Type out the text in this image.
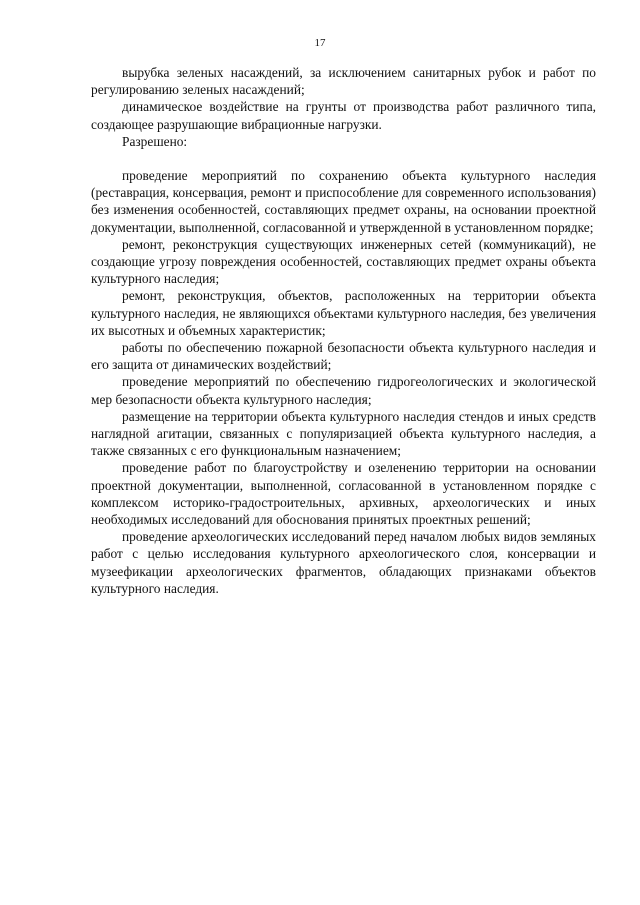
17

вырубка зеленых насаждений, за исключением санитарных рубок и работ по регулированию зеленых насаждений;

динамическое воздействие на грунты от производства работ различного типа, создающее разрушающие вибрационные нагрузки.

Разрешено:

проведение мероприятий по сохранению объекта культурного наследия (реставрация, консервация, ремонт и приспособление для современного использования) без изменения особенностей, составляющих предмет охраны, на основании проектной документации, выполненной, согласованной и утвержденной в установленном порядке;

ремонт, реконструкция существующих инженерных сетей (коммуникаций), не создающие угрозу повреждения особенностей, составляющих предмет охраны объекта культурного наследия;

ремонт, реконструкция, объектов, расположенных на территории объекта культурного наследия, не являющихся объектами культурного наследия, без увеличения их высотных и объемных характеристик;

работы по обеспечению пожарной безопасности объекта культурного наследия и его защита от динамических воздействий;

проведение мероприятий по обеспечению гидрогеологических и экологической мер безопасности объекта культурного наследия;

размещение на территории объекта культурного наследия стендов и иных средств наглядной агитации, связанных с популяризацией объекта культурного наследия, а также связанных с его функциональным назначением;

проведение работ по благоустройству и озеленению территории на основании проектной документации, выполненной, согласованной в установленном порядке с комплексом историко-градостроительных, архивных, археологических и иных необходимых исследований для обоснования принятых проектных решений;

проведение археологических исследований перед началом любых видов земляных работ с целью исследования культурного археологического слоя, консервации и музеефикации археологических фрагментов, обладающих признаками объектов культурного наследия.
